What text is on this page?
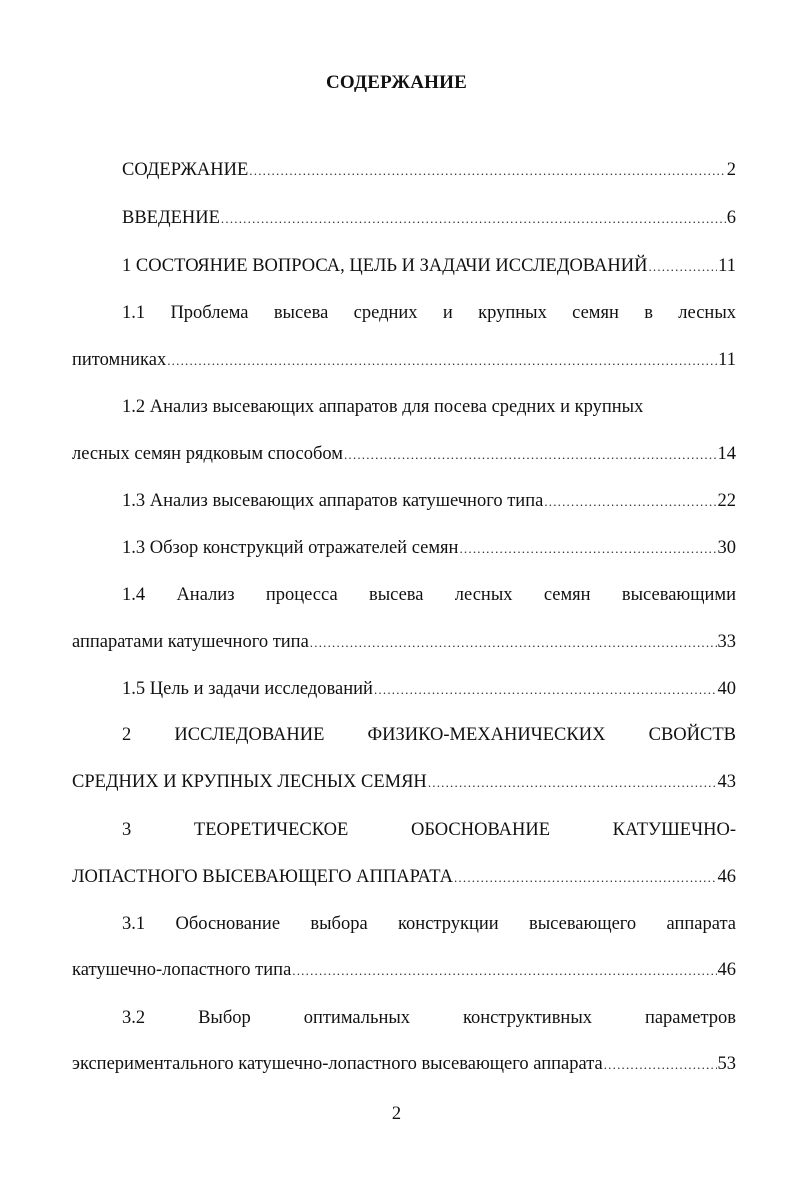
СОДЕРЖАНИЕ
СОДЕРЖАНИЕ .....	2
ВВЕДЕНИЕ .....	6
1 СОСТОЯНИЕ ВОПРОСА, ЦЕЛЬ И ЗАДАЧИ ИССЛЕДОВАНИЙ .....	11
1.1 Проблема высева средних и крупных семян в лесных
питомниках .....	11
1.2 Анализ высевающих аппаратов для посева средних и крупных
лесных семян рядковым способом .....	14
1.3 Анализ высевающих аппаратов катушечного типа .....	22
1.3 Обзор конструкций отражателей семян .....	30
1.4 Анализ процесса высева лесных семян высевающими
аппаратами катушечного типа .....	33
1.5 Цель и задачи исследований .....	40
2 ИССЛЕДОВАНИЕ ФИЗИКО-МЕХАНИЧЕСКИХ СВОЙСТВ
СРЕДНИХ И КРУПНЫХ ЛЕСНЫХ СЕМЯН .....	43
3 ТЕОРЕТИЧЕСКОЕ ОБОСНОВАНИЕ КАТУШЕЧНО-
ЛОПАСТНОГО ВЫСЕВАЮЩЕГО АППАРАТА .....	46
3.1 Обоснование выбора конструкции высевающего аппарата
катушечно-лопастного типа .....	46
3.2 Выбор оптимальных конструктивных параметров
экспериментального катушечно-лопастного высевающего аппарата .....	53
2
